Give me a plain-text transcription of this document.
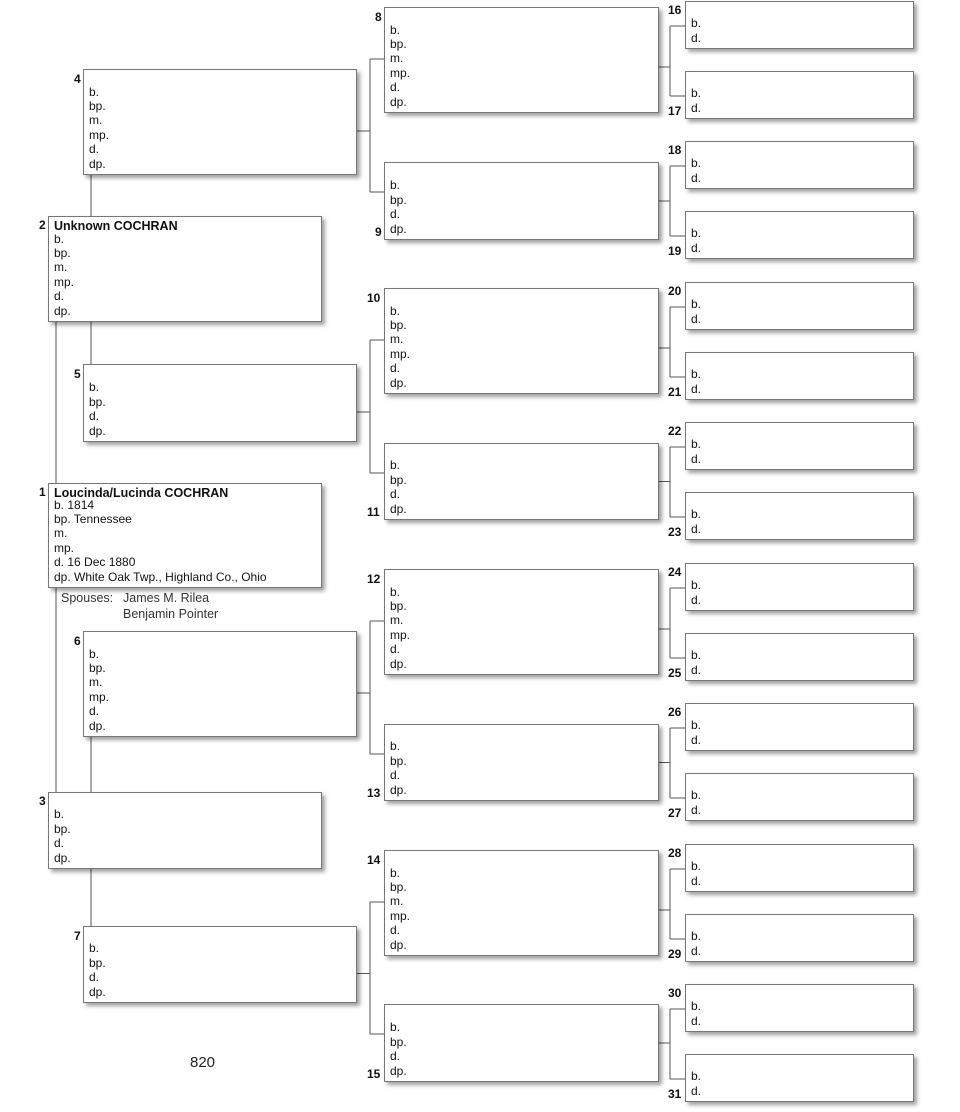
Spouses: James M. Rilea
Benjamin Pointer
820
Loucinda/Lucinda COCHRAN
b. 1814
bp. Tennessee
m.
mp.
d. 16 Dec 1880
dp. White Oak Twp., Highland Co., Ohio
1
Unknown COCHRAN
b.
bp.
m.
mp.
d.
dp.
2
b.
bp.
d.
dp.
3
b.
bp.
m.
mp.
d.
dp.
4
b.
bp.
d.
dp.
5
b.
bp.
m.
mp.
d.
dp.
6
b.
bp.
d.
dp.
7
b.
bp.
m.
mp.
d.
dp.
8
b.
bp.
d.
dp.
9
b.
bp.
m.
mp.
d.
dp.
10
b.
bp.
d.
dp.
11
b.
bp.
m.
mp.
d.
dp.
12
b.
bp.
d.
dp.
13
b.
bp.
m.
mp.
d.
dp.
14
b.
bp.
d.
dp.
15
b.
d.
16
b.
d.
17
b.
d.
18
b.
d.
19
b.
d.
20
b.
d.
21
b.
d.
22
b.
d.
23
b.
d.
24
b.
d.
25
b.
d.
26
b.
d.
27
b.
d.
28
b.
d.
29
b.
d.
30
b.
d.
31
